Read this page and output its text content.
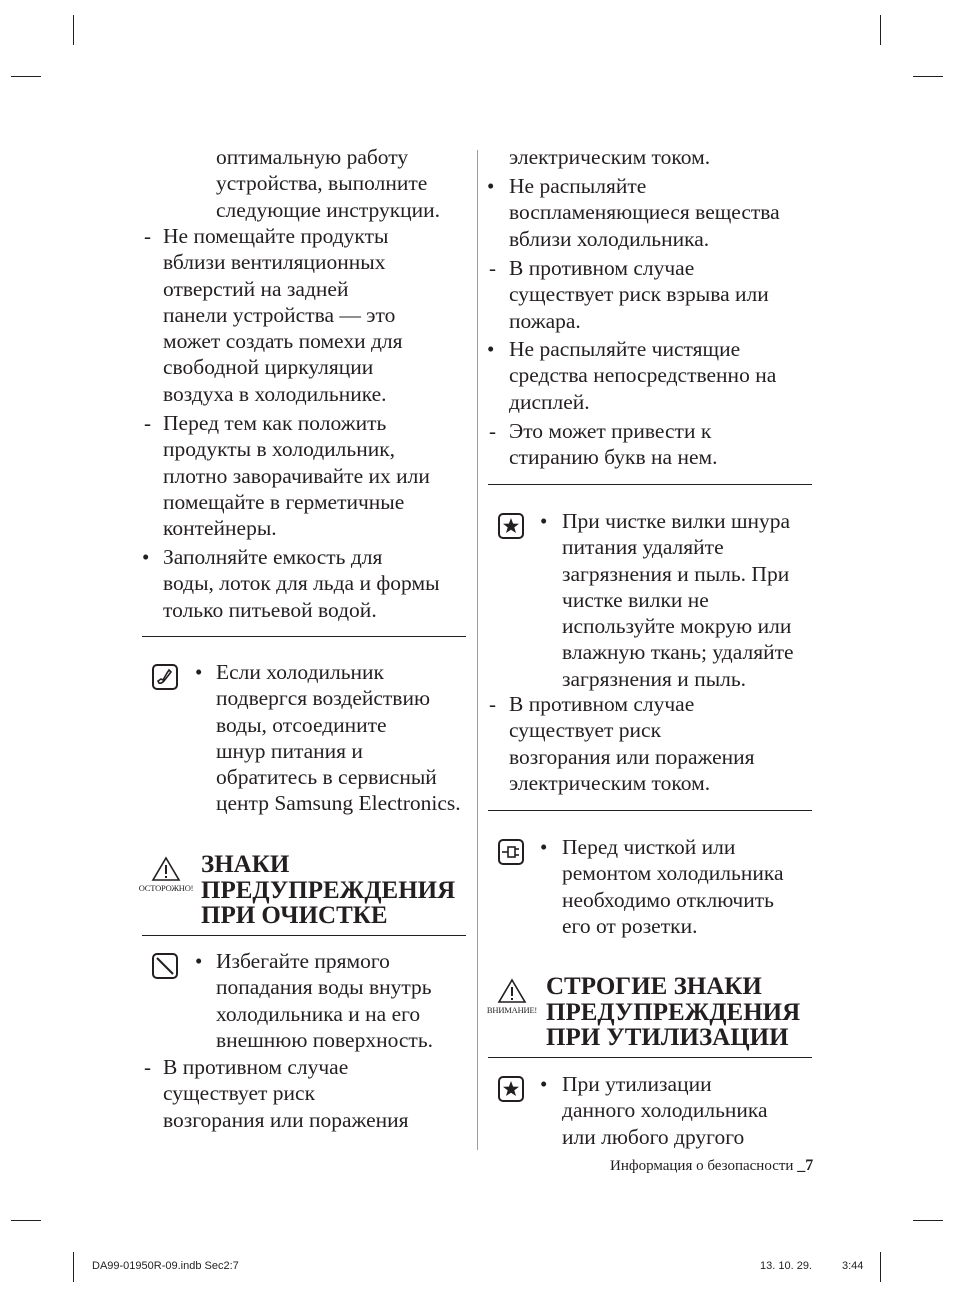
оптимальную работу
устройства, выполните
следующие инструкции.
- Не помещайте продукты
вблизи вентиляционных
отверстий на задней
панели устройства — это
может создать помехи для
свободной циркуляции
воздуха в холодильнике.
- Перед тем как положить
продукты в холодильник,
плотно заворачивайте их или
помещайте в герметичные
контейнеры.
• Заполняйте емкость для
воды, лоток для льда и формы
только питьевой водой.
• Если холодильник
подвергся воздействию
воды, отсоедините
шнур питания и
обратитесь в сервисный
центр Samsung Electronics.
ОСТОРОЖНО!
ЗНАКИ
ПРЕДУПРЕЖДЕНИЯ
ПРИ ОЧИСТКЕ
• Избегайте прямого
попадания воды внутрь
холодильника и на его
внешнюю поверхность.
- В противном случае
существует риск
возгорания или поражения
электрическим током.
• Не распыляйте
воспламеняющиеся вещества
вблизи холодильника.
- В противном случае
существует риск взрыва или
пожара.
• Не распыляйте чистящие
средства непосредственно на
дисплей.
- Это может привести к
стиранию букв на нем.
• При чистке вилки шнура
питания удаляйте
загрязнения и пыль. При
чистке вилки не
используйте мокрую или
влажную ткань; удаляйте
загрязнения и пыль.
- В противном случае
существует риск
возгорания или поражения
электрическим током.
• Перед чисткой или
ремонтом холодильника
необходимо отключить
его от розетки.
ВНИМАНИЕ!
СТРОГИЕ ЗНАКИ
ПРЕДУПРЕЖДЕНИЯ
ПРИ УТИЛИЗАЦИИ
• При утилизации
данного холодильника
или любого другого
Информация о безопасности _7
DA99-01950R-09.indb Sec2:7	13. 10. 29.	3:44
